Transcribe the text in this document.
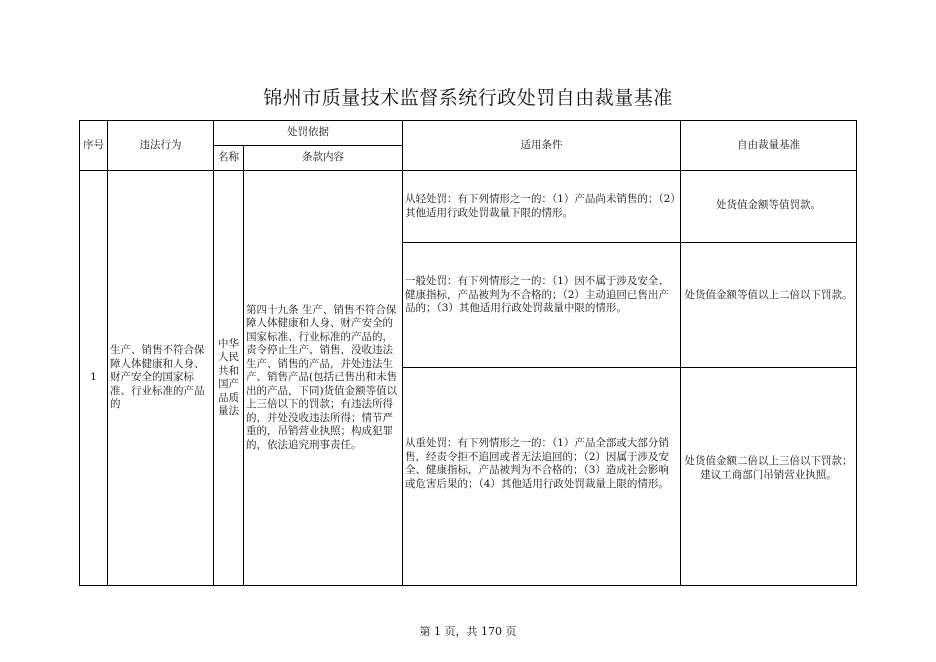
锦州市质量技术监督系统行政处罚自由裁量基准
序号	违法行为	处罚依据		适用条件	自由裁量基准
		名称	条款内容		
1	生产、销售不符合保障人体健康和人身、财产安全的国家标准、行业标准的产品的	中华人民共和国产品质量法	第四十九条 生产、销售不符合保障人体健康和人身、财产安全的国家标准、行业标准的产品的，责令停止生产、销售，没收违法生产、销售的产品，并处违法生产、销售产品(包括已售出和未售出的产品，下同)货值金额等值以上三倍以下的罚款；有违法所得的，并处没收违法所得；情节严重的，吊销营业执照；构成犯罪的，依法追究刑事责任。	从轻处罚：有下列情形之一的：（1）产品尚未销售的；（2）其他适用行政处罚裁量下限的情形。	处货值金额等值罚款。
				一般处罚：有下列情形之一的：（1）因不属于涉及安全、健康指标，产品被判为不合格的；（2）主动追回已售出产品的；（3）其他适用行政处罚裁量中限的情形。	处货值金额等值以上二倍以下罚款。
				从重处罚：有下列情形之一的：（1）产品全部或大部分销售，经责令拒不追回或者无法追回的；（2）因属于涉及安全、健康指标，产品被判为不合格的；（3）造成社会影响或危害后果的；（4）其他适用行政处罚裁量上限的情形。	处货值金额二倍以上三倍以下罚款；建议工商部门吊销营业执照。
第 1 页，共 170 页
